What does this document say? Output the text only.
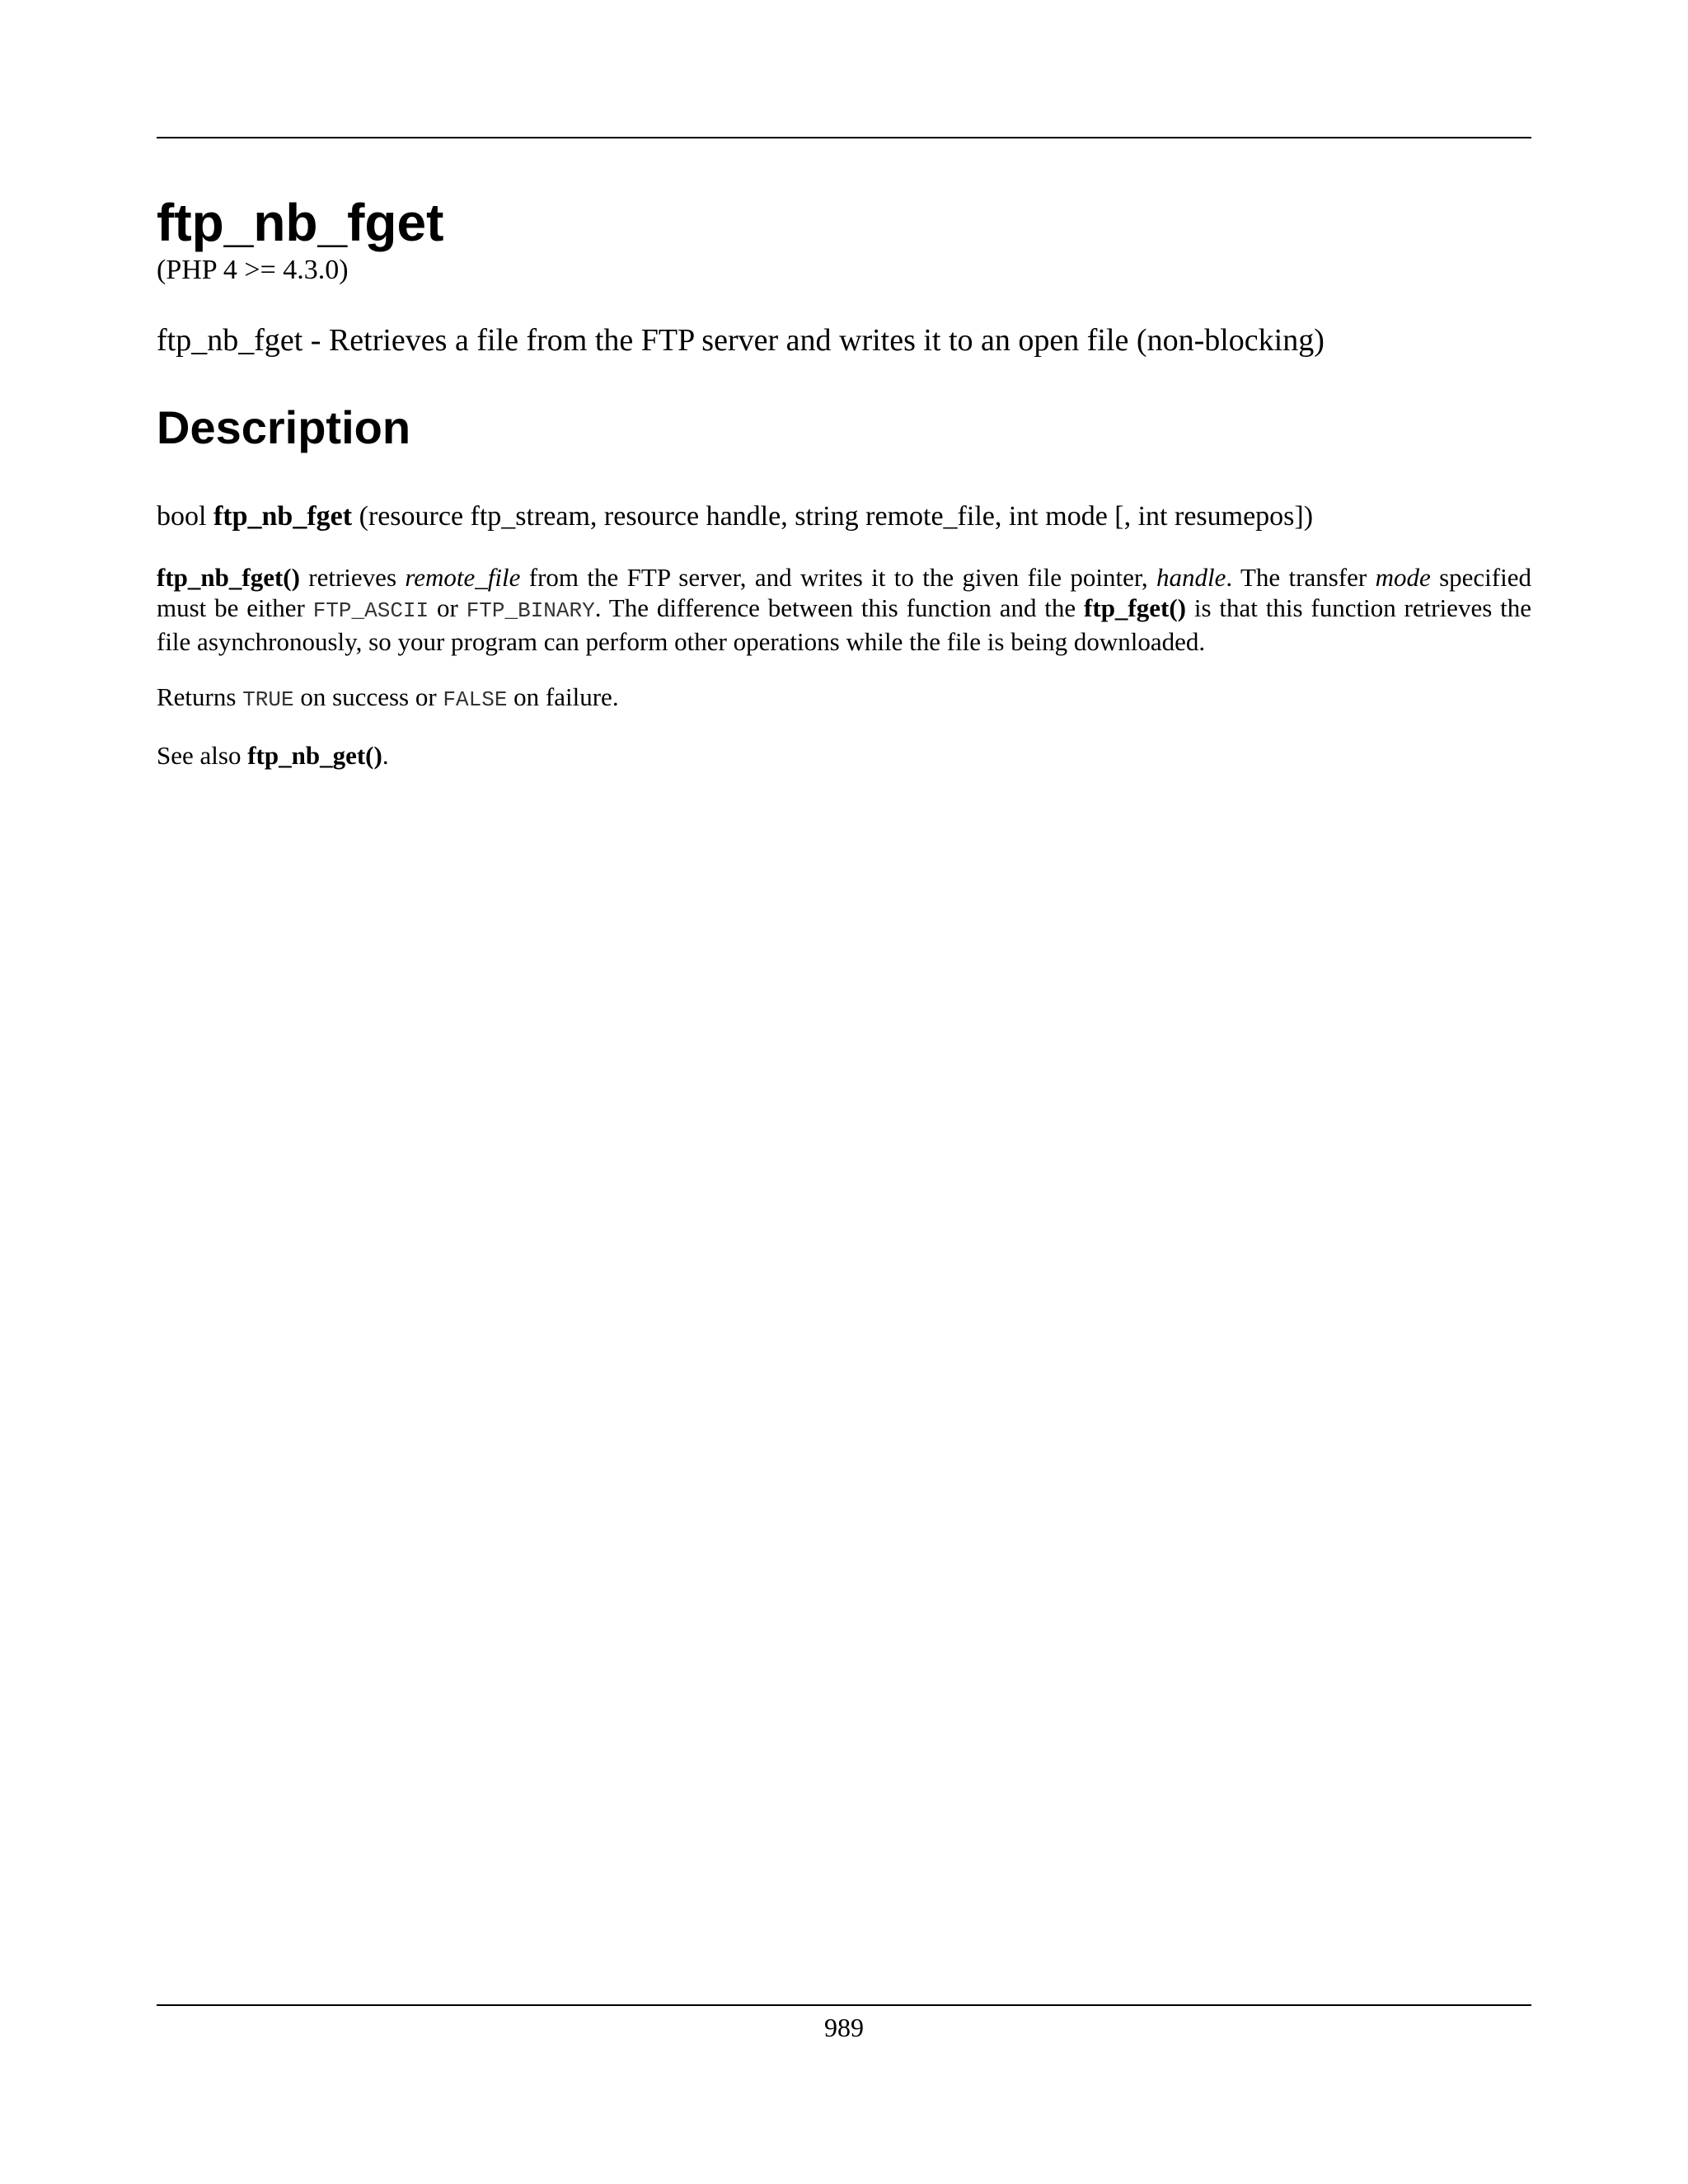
ftp_nb_fget

(PHP 4 >= 4.3.0)

ftp_nb_fget - Retrieves a file from the FTP server and writes it to an open file (non-blocking)

Description

bool ftp_nb_fget (resource ftp_stream, resource handle, string remote_file, int mode [, int resumepos])

ftp_nb_fget() retrieves remote_file from the FTP server, and writes it to the given file pointer, handle. The transfer mode specified must be either FTP_ASCII or FTP_BINARY. The difference between this function and the ftp_fget() is that this function retrieves the file asynchronously, so your program can perform other operations while the file is being downloaded.

Returns TRUE on success or FALSE on failure.

See also ftp_nb_get().

989
